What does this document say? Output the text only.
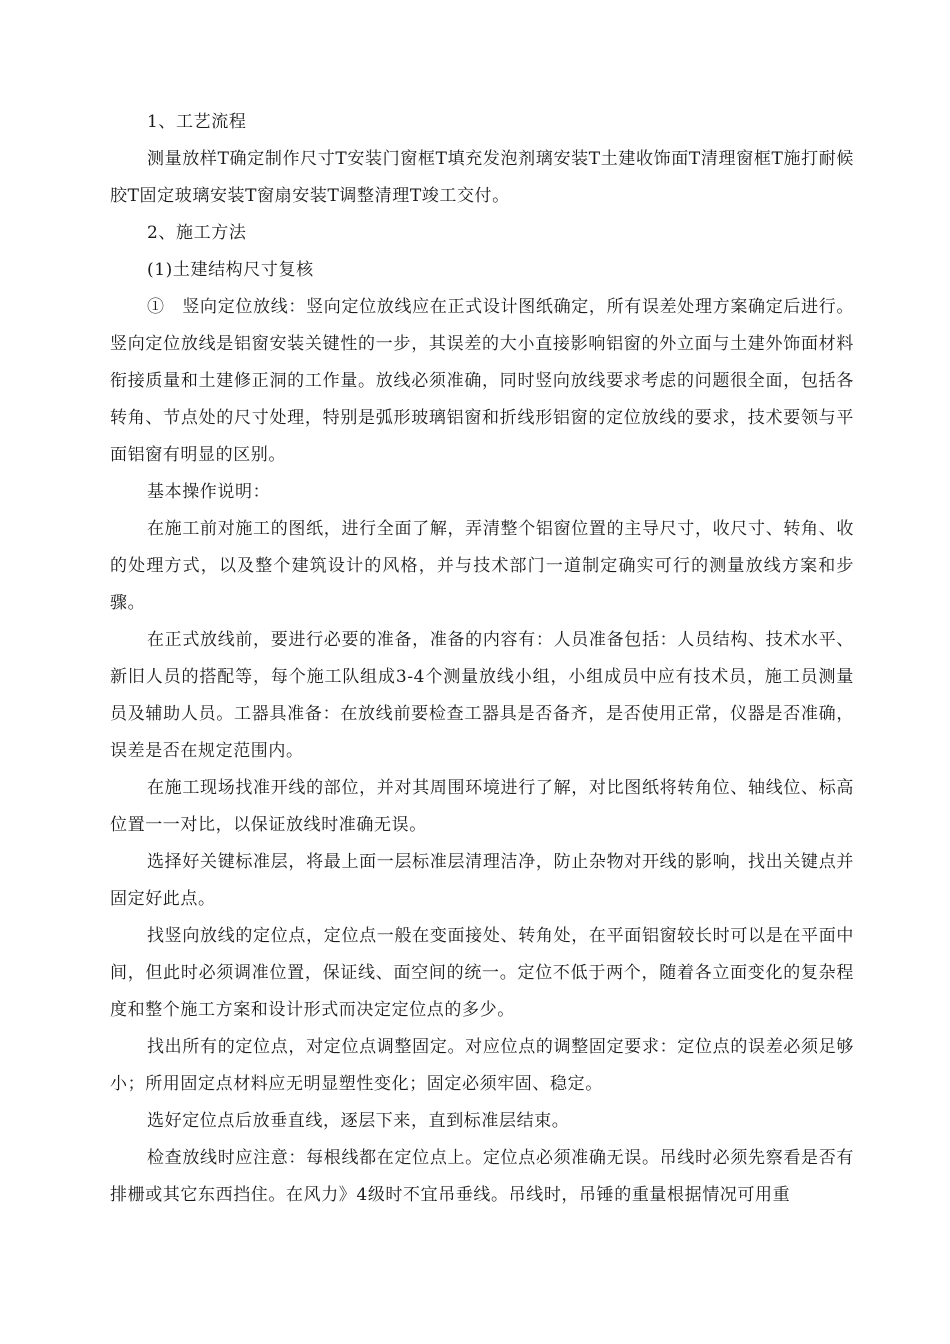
1、工艺流程

测量放样T确定制作尺寸T安装门窗框T填充发泡剂璃安装T土建收饰面T清理窗框T施打耐候胶T固定玻璃安装T窗扇安装T调整清理T竣工交付。

2、施工方法

(1)土建结构尺寸复核

①　竖向定位放线：竖向定位放线应在正式设计图纸确定，所有误差处理方案确定后进行。竖向定位放线是铝窗安装关键性的一步，其误差的大小直接影响铝窗的外立面与土建外饰面材料衔接质量和土建修正洞的工作量。放线必须准确，同时竖向放线要求考虑的问题很全面，包括各转角、节点处的尺寸处理，特别是弧形玻璃铝窗和折线形铝窗的定位放线的要求，技术要领与平面铝窗有明显的区别。

基本操作说明：

在施工前对施工的图纸，进行全面了解，弄清整个铝窗位置的主导尺寸，收尺寸、转角、收的处理方式，以及整个建筑设计的风格，并与技术部门一道制定确实可行的测量放线方案和步骤。

在正式放线前，要进行必要的准备，准备的内容有：人员准备包括：人员结构、技术水平、新旧人员的搭配等，每个施工队组成3-4个测量放线小组，小组成员中应有技术员，施工员测量员及辅助人员。工器具准备：在放线前要检查工器具是否备齐，是否使用正常，仪器是否准确，误差是否在规定范围内。

在施工现场找准开线的部位，并对其周围环境进行了解，对比图纸将转角位、轴线位、标高位置一一对比，以保证放线时准确无误。

选择好关键标准层，将最上面一层标准层清理洁净，防止杂物对开线的影响，找出关键点并固定好此点。

找竖向放线的定位点，定位点一般在变面接处、转角处，在平面铝窗较长时可以是在平面中间，但此时必须调准位置，保证线、面空间的统一。定位不低于两个，随着各立面变化的复杂程度和整个施工方案和设计形式而决定定位点的多少。

找出所有的定位点，对定位点调整固定。对应位点的调整固定要求：定位点的误差必须足够小；所用固定点材料应无明显塑性变化；固定必须牢固、稳定。

选好定位点后放垂直线，逐层下来，直到标准层结束。

检查放线时应注意：每根线都在定位点上。定位点必须准确无误。吊线时必须先察看是否有排栅或其它东西挡住。在风力》4级时不宜吊垂线。吊线时，吊锤的重量根据情况可用重
